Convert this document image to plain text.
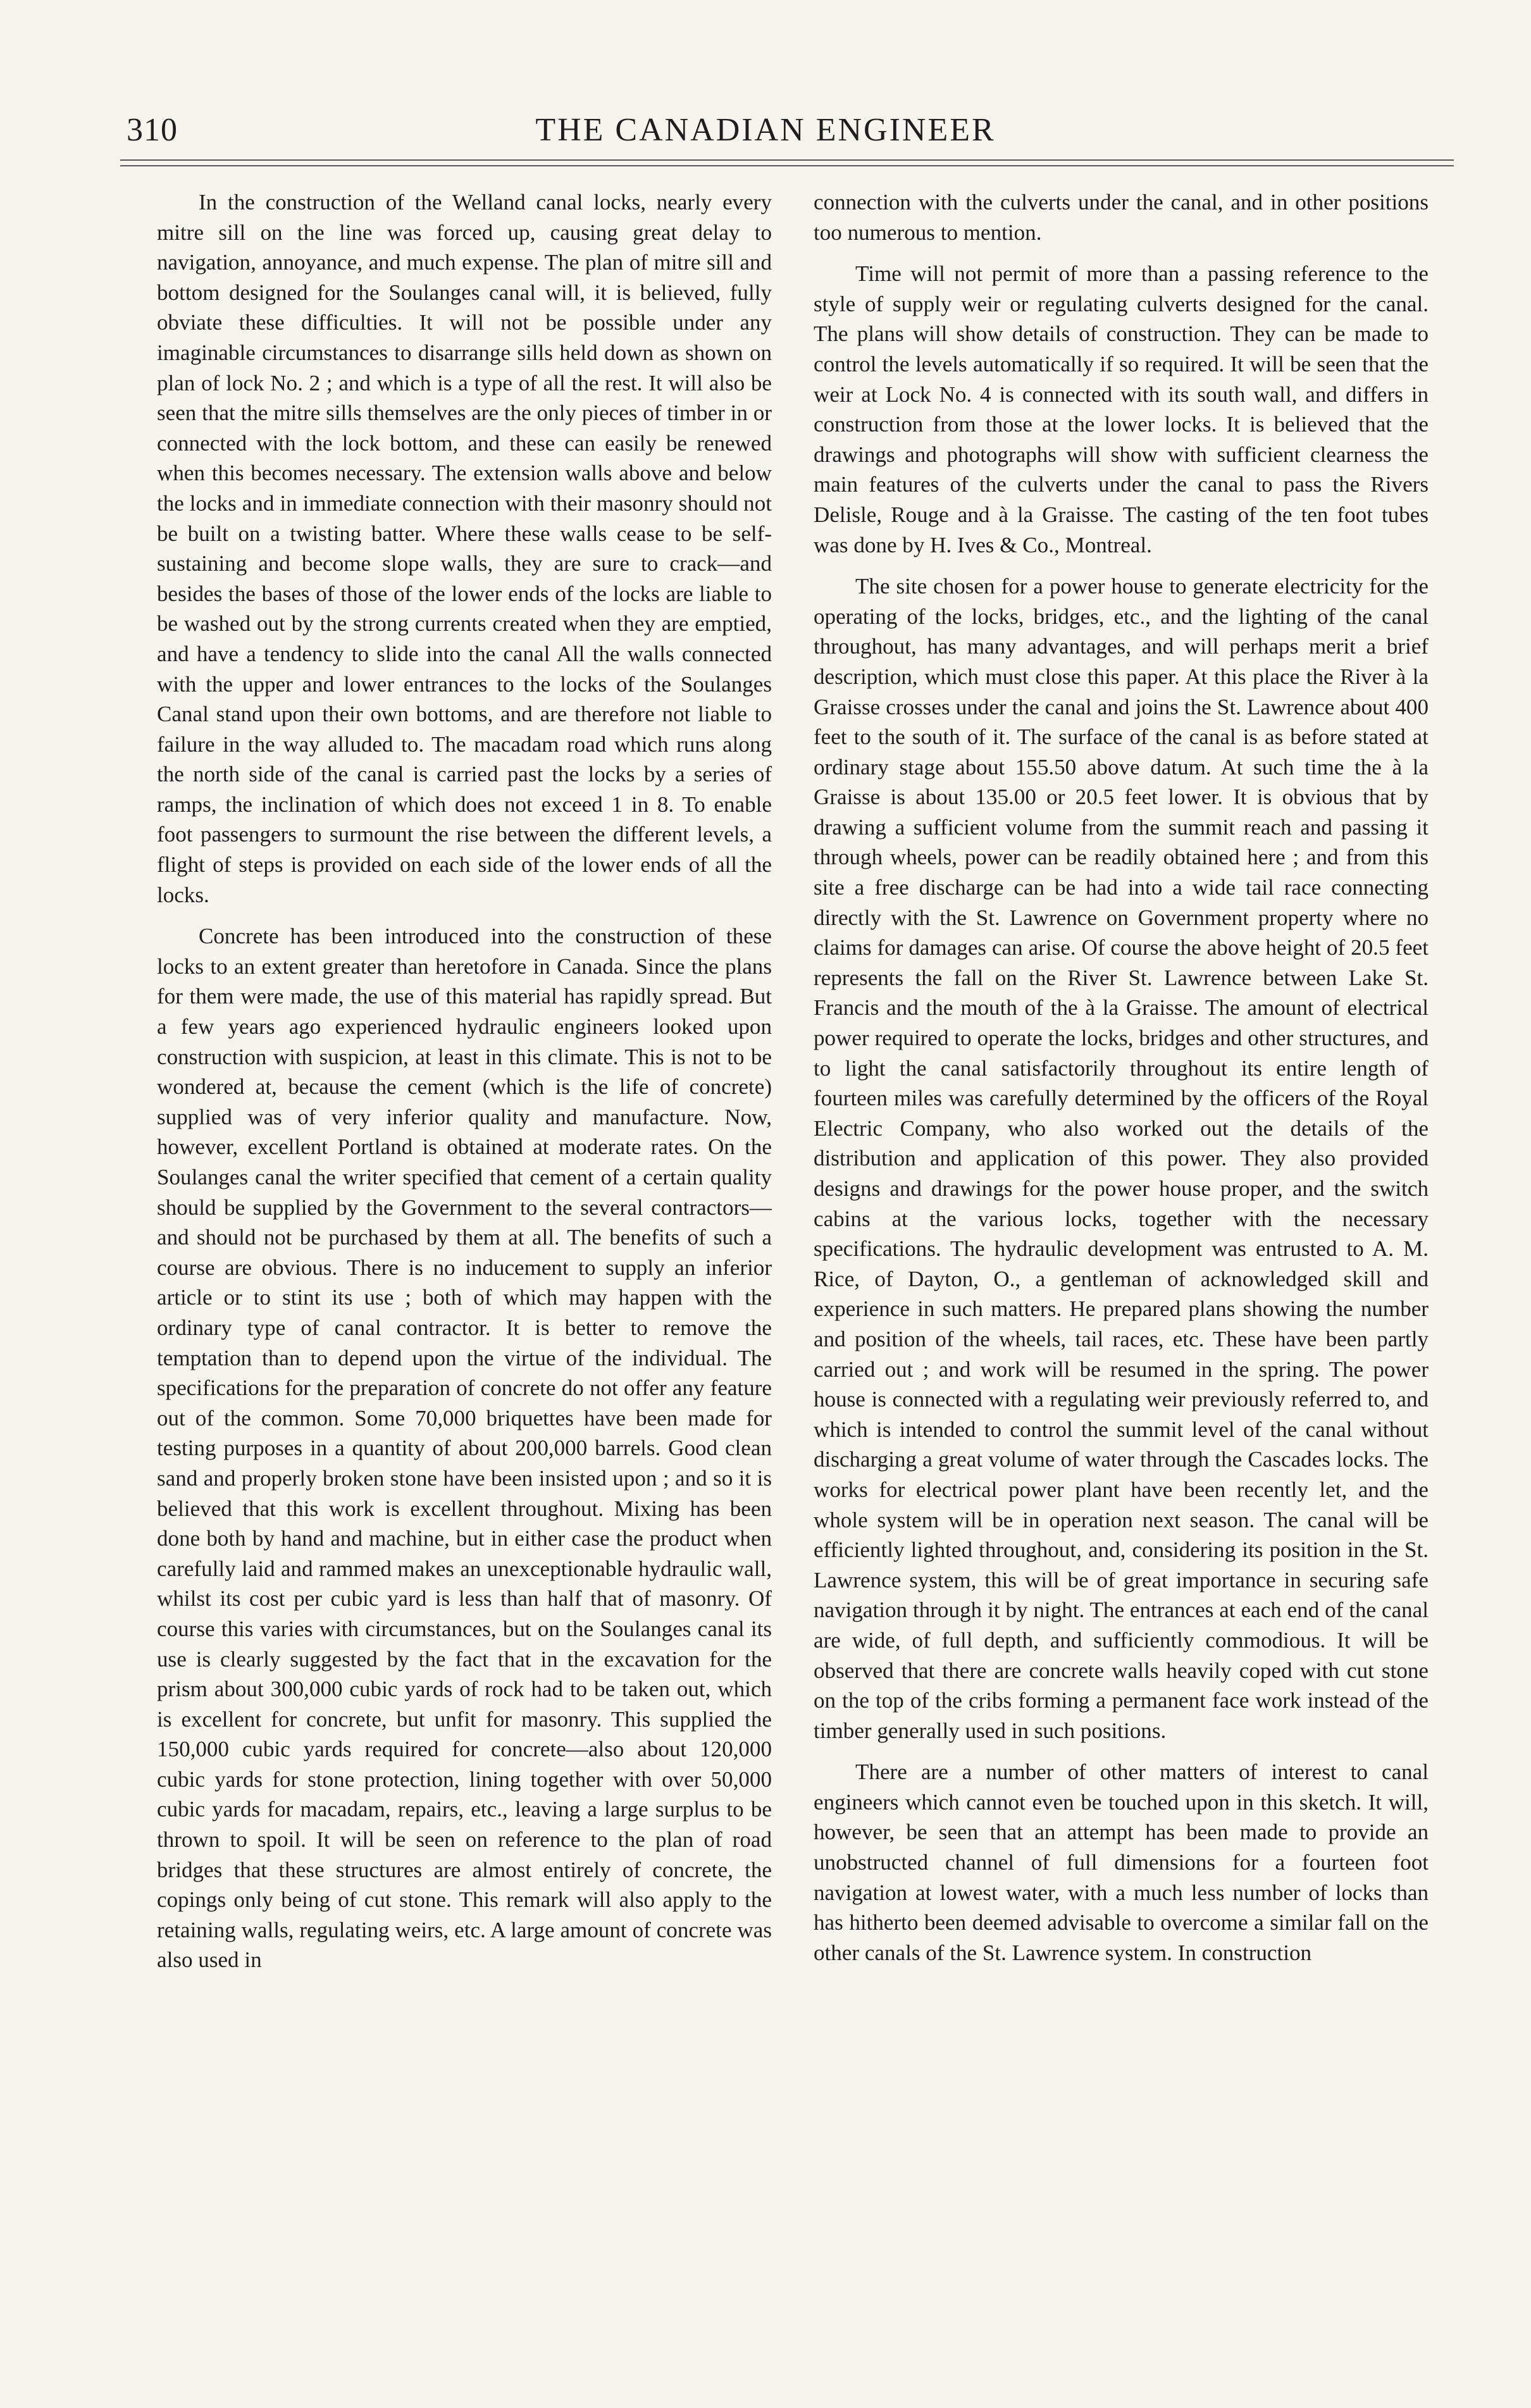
310	THE CANADIAN ENGINEER

In the construction of the Welland canal locks, nearly every mitre sill on the line was forced up, causing great delay to navigation, annoyance, and much expense. The plan of mitre sill and bottom designed for the Soulanges canal will, it is believed, fully obviate these difficulties. It will not be possible under any imaginable circumstances to disarrange sills held down as shown on plan of lock No. 2 ; and which is a type of all the rest. It will also be seen that the mitre sills themselves are the only pieces of timber in or connected with the lock bottom, and these can easily be renewed when this becomes necessary. The extension walls above and below the locks and in immediate connection with their masonry should not be built on a twisting batter. Where these walls cease to be self-sustaining and become slope walls, they are sure to crack—and besides the bases of those of the lower ends of the locks are liable to be washed out by the strong currents created when they are emptied, and have a tendency to slide into the canal All the walls connected with the upper and lower entrances to the locks of the Soulanges Canal stand upon their own bottoms, and are therefore not liable to failure in the way alluded to. The macadam road which runs along the north side of the canal is carried past the locks by a series of ramps, the inclination of which does not exceed 1 in 8. To enable foot passengers to surmount the rise between the different levels, a flight of steps is provided on each side of the lower ends of all the locks.

Concrete has been introduced into the construction of these locks to an extent greater than heretofore in Canada. Since the plans for them were made, the use of this material has rapidly spread. But a few years ago experienced hydraulic engineers looked upon construction with suspicion, at least in this climate. This is not to be wondered at, because the cement (which is the life of concrete) supplied was of very inferior quality and manufacture. Now, however, excellent Portland is obtained at moderate rates. On the Soulanges canal the writer specified that cement of a certain quality should be supplied by the Government to the several contractors—and should not be purchased by them at all. The benefits of such a course are obvious. There is no inducement to supply an inferior article or to stint its use ; both of which may happen with the ordinary type of canal contractor. It is better to remove the temptation than to depend upon the virtue of the individual. The specifications for the preparation of concrete do not offer any feature out of the common. Some 70,000 briquettes have been made for testing purposes in a quantity of about 200,000 barrels. Good clean sand and properly broken stone have been insisted upon ; and so it is believed that this work is excellent throughout. Mixing has been done both by hand and machine, but in either case the product when carefully laid and rammed makes an unexceptionable hydraulic wall, whilst its cost per cubic yard is less than half that of masonry. Of course this varies with circumstances, but on the Soulanges canal its use is clearly suggested by the fact that in the excavation for the prism about 300,000 cubic yards of rock had to be taken out, which is excellent for concrete, but unfit for masonry. This supplied the 150,000 cubic yards required for concrete—also about 120,000 cubic yards for stone protection, lining together with over 50,000 cubic yards for macadam, repairs, etc., leaving a large surplus to be thrown to spoil. It will be seen on reference to the plan of road bridges that these structures are almost entirely of concrete, the copings only being of cut stone. This remark will also apply to the retaining walls, regulating weirs, etc. A large amount of concrete was also used in

connection with the culverts under the canal, and in other positions too numerous to mention.

Time will not permit of more than a passing reference to the style of supply weir or regulating culverts designed for the canal. The plans will show details of construction. They can be made to control the levels automatically if so required. It will be seen that the weir at Lock No. 4 is connected with its south wall, and differs in construction from those at the lower locks. It is believed that the drawings and photographs will show with sufficient clearness the main features of the culverts under the canal to pass the Rivers Delisle, Rouge and à la Graisse. The casting of the ten foot tubes was done by H. Ives & Co., Montreal.

The site chosen for a power house to generate electricity for the operating of the locks, bridges, etc., and the lighting of the canal throughout, has many advantages, and will perhaps merit a brief description, which must close this paper. At this place the River à la Graisse crosses under the canal and joins the St. Lawrence about 400 feet to the south of it. The surface of the canal is as before stated at ordinary stage about 155.50 above datum. At such time the à la Graisse is about 135.00 or 20.5 feet lower. It is obvious that by drawing a sufficient volume from the summit reach and passing it through wheels, power can be readily obtained here ; and from this site a free discharge can be had into a wide tail race connecting directly with the St. Lawrence on Government property where no claims for damages can arise. Of course the above height of 20.5 feet represents the fall on the River St. Lawrence between Lake St. Francis and the mouth of the à la Graisse. The amount of electrical power required to operate the locks, bridges and other structures, and to light the canal satisfactorily throughout its entire length of fourteen miles was carefully determined by the officers of the Royal Electric Company, who also worked out the details of the distribution and application of this power. They also provided designs and drawings for the power house proper, and the switch cabins at the various locks, together with the necessary specifications. The hydraulic development was entrusted to A. M. Rice, of Dayton, O., a gentleman of acknowledged skill and experience in such matters. He prepared plans showing the number and position of the wheels, tail races, etc. These have been partly carried out ; and work will be resumed in the spring. The power house is connected with a regulating weir previously referred to, and which is intended to control the summit level of the canal without discharging a great volume of water through the Cascades locks. The works for electrical power plant have been recently let, and the whole system will be in operation next season. The canal will be efficiently lighted throughout, and, considering its position in the St. Lawrence system, this will be of great importance in securing safe navigation through it by night. The entrances at each end of the canal are wide, of full depth, and sufficiently commodious. It will be observed that there are concrete walls heavily coped with cut stone on the top of the cribs forming a permanent face work instead of the timber generally used in such positions.

There are a number of other matters of interest to canal engineers which cannot even be touched upon in this sketch. It will, however, be seen that an attempt has been made to provide an unobstructed channel of full dimensions for a fourteen foot navigation at lowest water, with a much less number of locks than has hitherto been deemed advisable to overcome a similar fall on the other canals of the St. Lawrence system. In construction
